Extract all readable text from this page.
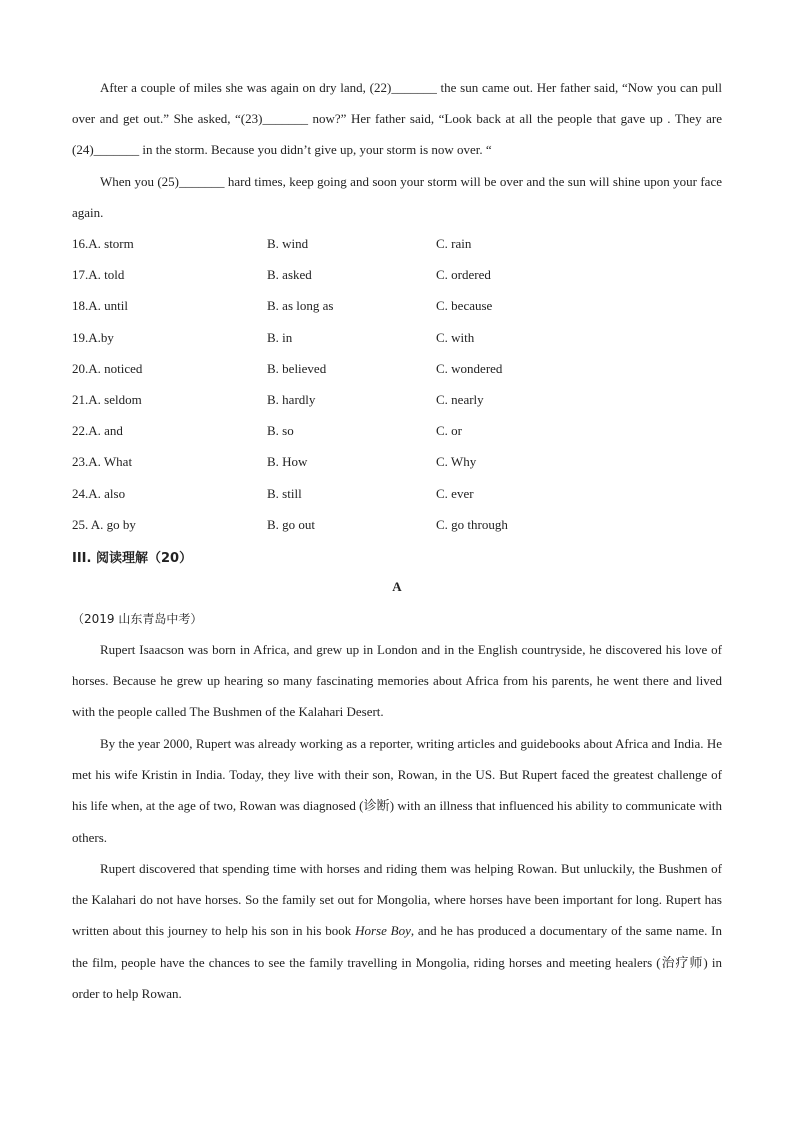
After a couple of miles she was again on dry land, (22)_______ the sun came out. Her father said, “Now you can pull over and get out.” She asked, “(23)_______ now?” Her father said, “Look back at all the people that gave up . They are (24)_______ in the storm. Because you didn’t give up, your storm is now over. “

When you (25)_______ hard times, keep going and soon your storm will be over and the sun will shine upon your face again.

16.A. storm	B. wind	C. rain
17.A. told	B. asked	C. ordered
18.A. until	B. as long as	C. because
19.A.by	B. in	C. with
20.A. noticed	B. believed	C. wondered
21.A. seldom	B. hardly	C. nearly
22.A. and	B. so	C. or
23.A. What	B. How	C. Why
24.A. also	B. still	C. ever
25. A. go by	B. go out	C. go through
III. 阅读理解（20）
A
（2019 山东青岛中考）

Rupert Isaacson was born in Africa, and grew up in London and in the English countryside, he discovered his love of horses. Because he grew up hearing so many fascinating memories about Africa from his parents, he went there and lived with the people called The Bushmen of the Kalahari Desert.

By the year 2000, Rupert was already working as a reporter, writing articles and guidebooks about Africa and India. He met his wife Kristin in India. Today, they live with their son, Rowan, in the US. But Rupert faced the greatest challenge of his life when, at the age of two, Rowan was diagnosed (诊断) with an illness that influenced his ability to communicate with others.

Rupert discovered that spending time with horses and riding them was helping Rowan. But unluckily, the Bushmen of the Kalahari do not have horses. So the family set out for Mongolia, where horses have been important for long. Rupert has written about this journey to help his son in his book Horse Boy, and he has produced a documentary of the same name. In the film, people have the chances to see the family travelling in Mongolia, riding horses and meeting healers (治疗师) in order to help Rowan.
